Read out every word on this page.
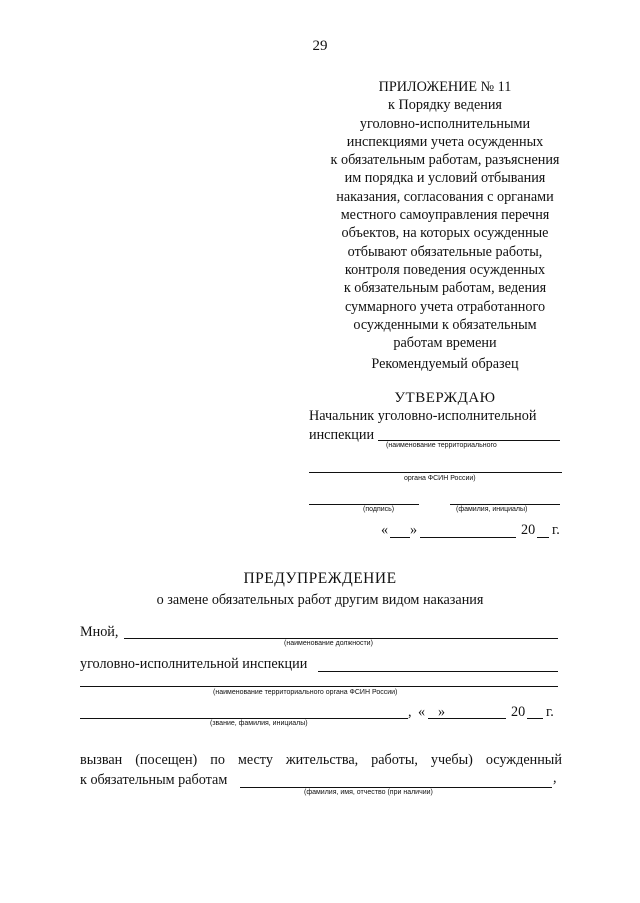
29
ПРИЛОЖЕНИЕ № 11
к Порядку ведения
уголовно-исполнительными
инспекциями учета осужденных
к обязательным работам, разъяснения
им порядка и условий отбывания
наказания, согласования с органами
местного самоуправления перечня
объектов, на которых осужденные
отбывают обязательные работы,
контроля поведения осужденных
к обязательным работам, ведения
суммарного учета отработанного
осужденными к обязательным
работам времени
Рекомендуемый образец
УТВЕРЖДАЮ
Начальник уголовно-исполнительной
инспекции
(наименование территориального
органа ФСИН России)
(подпись)	(фамилия, инициалы)
« »	20 г.
ПРЕДУПРЕЖДЕНИЕ
о замене обязательных работ другим видом наказания
Мной,
(наименование должности)
уголовно-исполнительной инспекции
(наименование территориального органа ФСИН России)
, « »	20 г.
(звание, фамилия, инициалы)
вызван (посещен) по месту жительства, работы, учебы) осужденный
к обязательным работам	,
(фамилия, имя, отчество (при наличии)
